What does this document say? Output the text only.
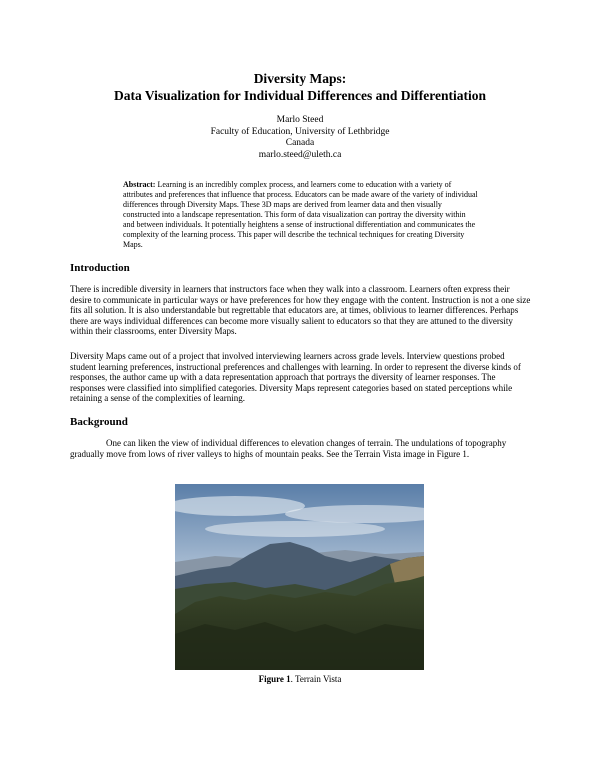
Diversity Maps:
Data Visualization for Individual Differences and Differentiation
Marlo Steed
Faculty of Education, University of Lethbridge
Canada
marlo.steed@uleth.ca
Abstract: Learning is an incredibly complex process, and learners come to education with a variety of attributes and preferences that influence that process. Educators can be made aware of the variety of individual differences through Diversity Maps. These 3D maps are derived from learner data and then visually constructed into a landscape representation. This form of data visualization can portray the diversity within and between individuals. It potentially heightens a sense of instructional differentiation and communicates the complexity of the learning process. This paper will describe the technical techniques for creating Diversity Maps.
Introduction
There is incredible diversity in learners that instructors face when they walk into a classroom. Learners often express their desire to communicate in particular ways or have preferences for how they engage with the content. Instruction is not a one size fits all solution. It is also understandable but regrettable that educators are, at times, oblivious to learner differences. Perhaps there are ways individual differences can become more visually salient to educators so that they are attuned to the diversity within their classrooms, enter Diversity Maps.
Diversity Maps came out of a project that involved interviewing learners across grade levels. Interview questions probed student learning preferences, instructional preferences and challenges with learning. In order to represent the diverse kinds of responses, the author came up with a data representation approach that portrays the diversity of learner responses. The responses were classified into simplified categories. Diversity Maps represent categories based on stated perceptions while retaining a sense of the complexities of learning.
Background
One can liken the view of individual differences to elevation changes of terrain. The undulations of topography gradually move from lows of river valleys to highs of mountain peaks. See the Terrain Vista image in Figure 1.
Figure 1. Terrain Vista
